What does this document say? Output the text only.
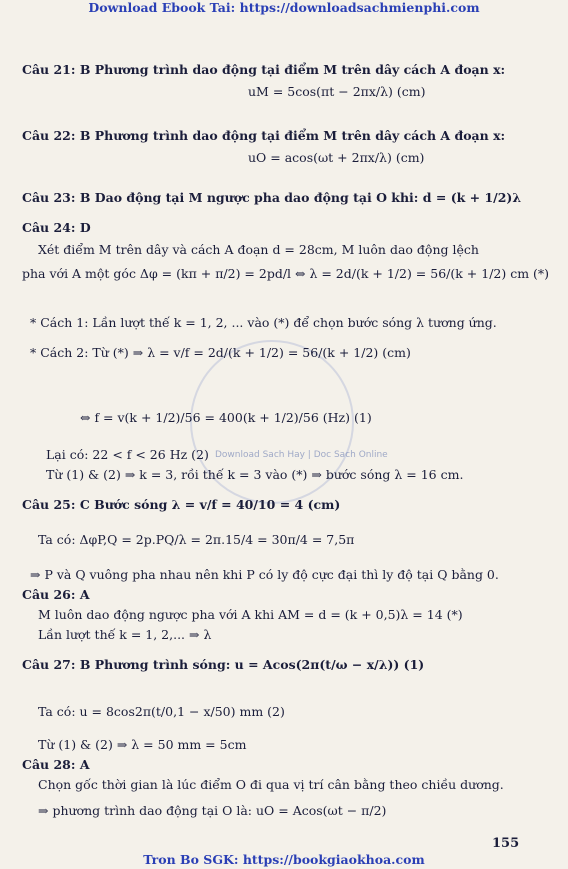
Download Ebook Tai: https://downloadsachmienphi.com
Download Sach Hay | Doc Sach Online
Câu 21: B Phương trình dao động tại điểm M trên dây cách A đoạn x:
uM = 5cos(πt − 2πx/λ) (cm)
Câu 22: B Phương trình dao động tại điểm M trên dây cách A đoạn x:
uO = acos(ωt + 2πx/λ) (cm)
Câu 23: B Dao động tại M ngược pha dao động tại O khi: d = (k + 1/2)λ
Câu 24: D
Xét điểm M trên dây và cách A đoạn d = 28cm, M luôn dao động lệch
pha với A một góc Δφ = (kπ + π/2) = 2pd/l ⇔ λ = 2d/(k + 1/2) = 56/(k + 1/2) cm (*)
* Cách 1: Lần lượt thế k = 1, 2, ... vào (*) để chọn bước sóng λ tương ứng.
* Cách 2: Từ (*) ⇒ λ = v/f = 2d/(k + 1/2) = 56/(k + 1/2) (cm)
⇔ f = v(k + 1/2)/56 = 400(k + 1/2)/56 (Hz) (1)
Lại có: 22 < f < 26 Hz (2)
Từ (1) & (2) ⇒ k = 3, rồi thế k = 3 vào (*) ⇒ bước sóng λ = 16 cm.
Câu 25: C Bước sóng λ = v/f = 40/10 = 4 (cm)
Ta có: ΔφP,Q = 2p.PQ/λ = 2π.15/4 = 30π/4 = 7,5π
⇒ P và Q vuông pha nhau nên khi P có ly độ cực đại thì ly độ tại Q bằng 0.
Câu 26: A
M luôn dao động ngược pha với A khi AM = d = (k + 0,5)λ = 14 (*)
Lần lượt thế k = 1, 2,... ⇒ λ
Câu 27: B Phương trình sóng: u = Acos(2π(t/ω − x/λ)) (1)
Ta có: u = 8cos2π(t/0,1 − x/50) mm (2)
Từ (1) & (2) ⇒ λ = 50 mm = 5cm
Câu 28: A
Chọn gốc thời gian là lúc điểm O đi qua vị trí cân bằng theo chiều dương.
⇒ phương trình dao động tại O là: uO = Acos(ωt − π/2)
155
Tron Bo SGK: https://bookgiaokhoa.com
